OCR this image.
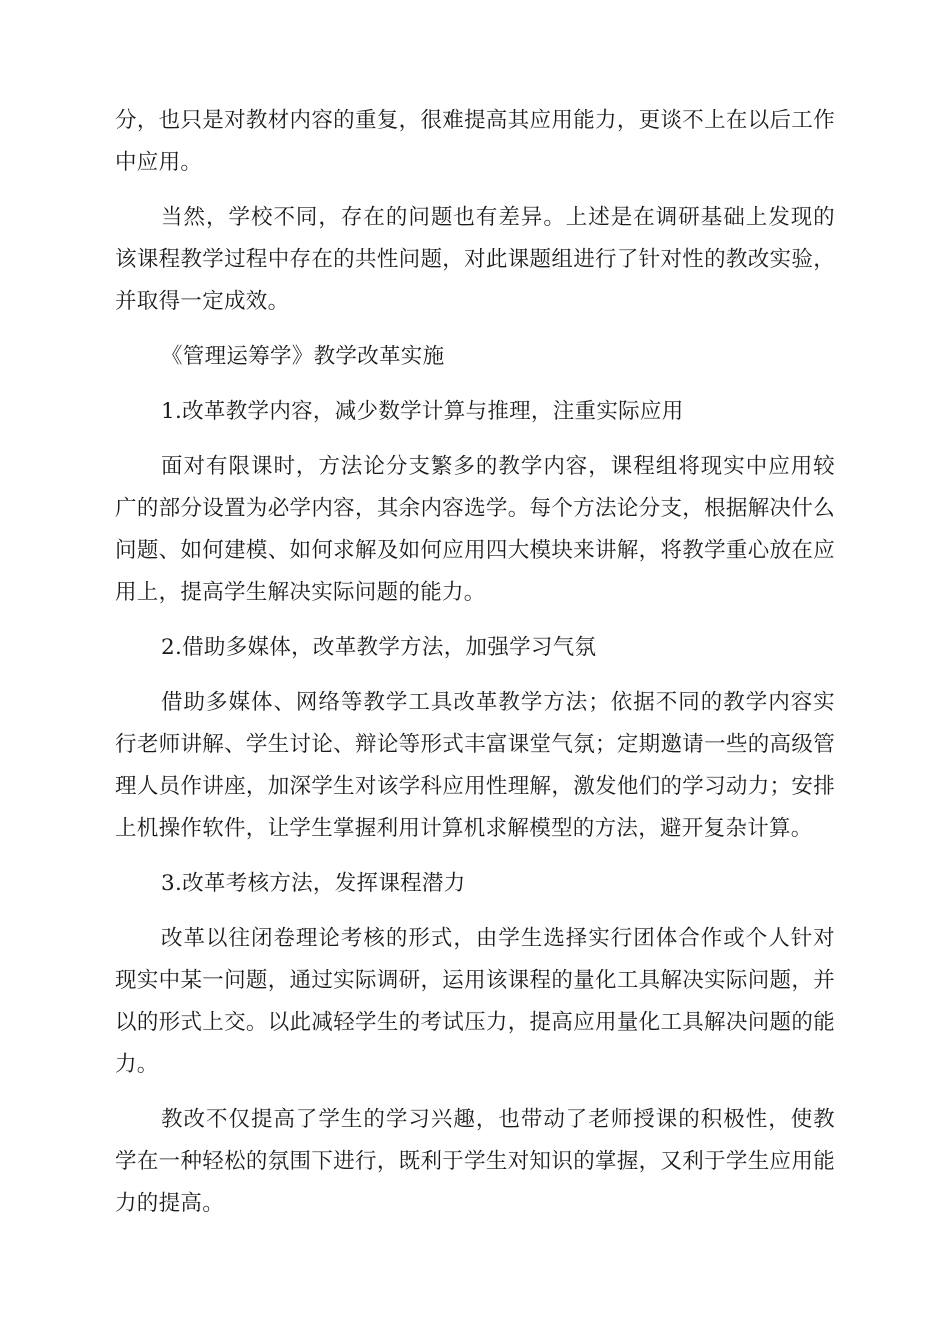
分，也只是对教材内容的重复，很难提高其应用能力，更谈不上在以后工作中应用。

当然，学校不同，存在的问题也有差异。上述是在调研基础上发现的该课程教学过程中存在的共性问题，对此课题组进行了针对性的教改实验，并取得一定成效。

《管理运筹学》教学改革实施

1.改革教学内容，减少数学计算与推理，注重实际应用

面对有限课时，方法论分支繁多的教学内容，课程组将现实中应用较广的部分设置为必学内容，其余内容选学。每个方法论分支，根据解决什么问题、如何建模、如何求解及如何应用四大模块来讲解，将教学重心放在应用上，提高学生解决实际问题的能力。

2.借助多媒体，改革教学方法，加强学习气氛

借助多媒体、网络等教学工具改革教学方法；依据不同的教学内容实行老师讲解、学生讨论、辩论等形式丰富课堂气氛；定期邀请一些的高级管理人员作讲座，加深学生对该学科应用性理解，激发他们的学习动力；安排上机操作软件，让学生掌握利用计算机求解模型的方法，避开复杂计算。

3.改革考核方法，发挥课程潜力

改革以往闭卷理论考核的形式，由学生选择实行团体合作或个人针对现实中某一问题，通过实际调研，运用该课程的量化工具解决实际问题，并以的形式上交。以此减轻学生的考试压力，提高应用量化工具解决问题的能力。

教改不仅提高了学生的学习兴趣，也带动了老师授课的积极性，使教学在一种轻松的氛围下进行，既利于学生对知识的掌握，又利于学生应用能力的提高。
